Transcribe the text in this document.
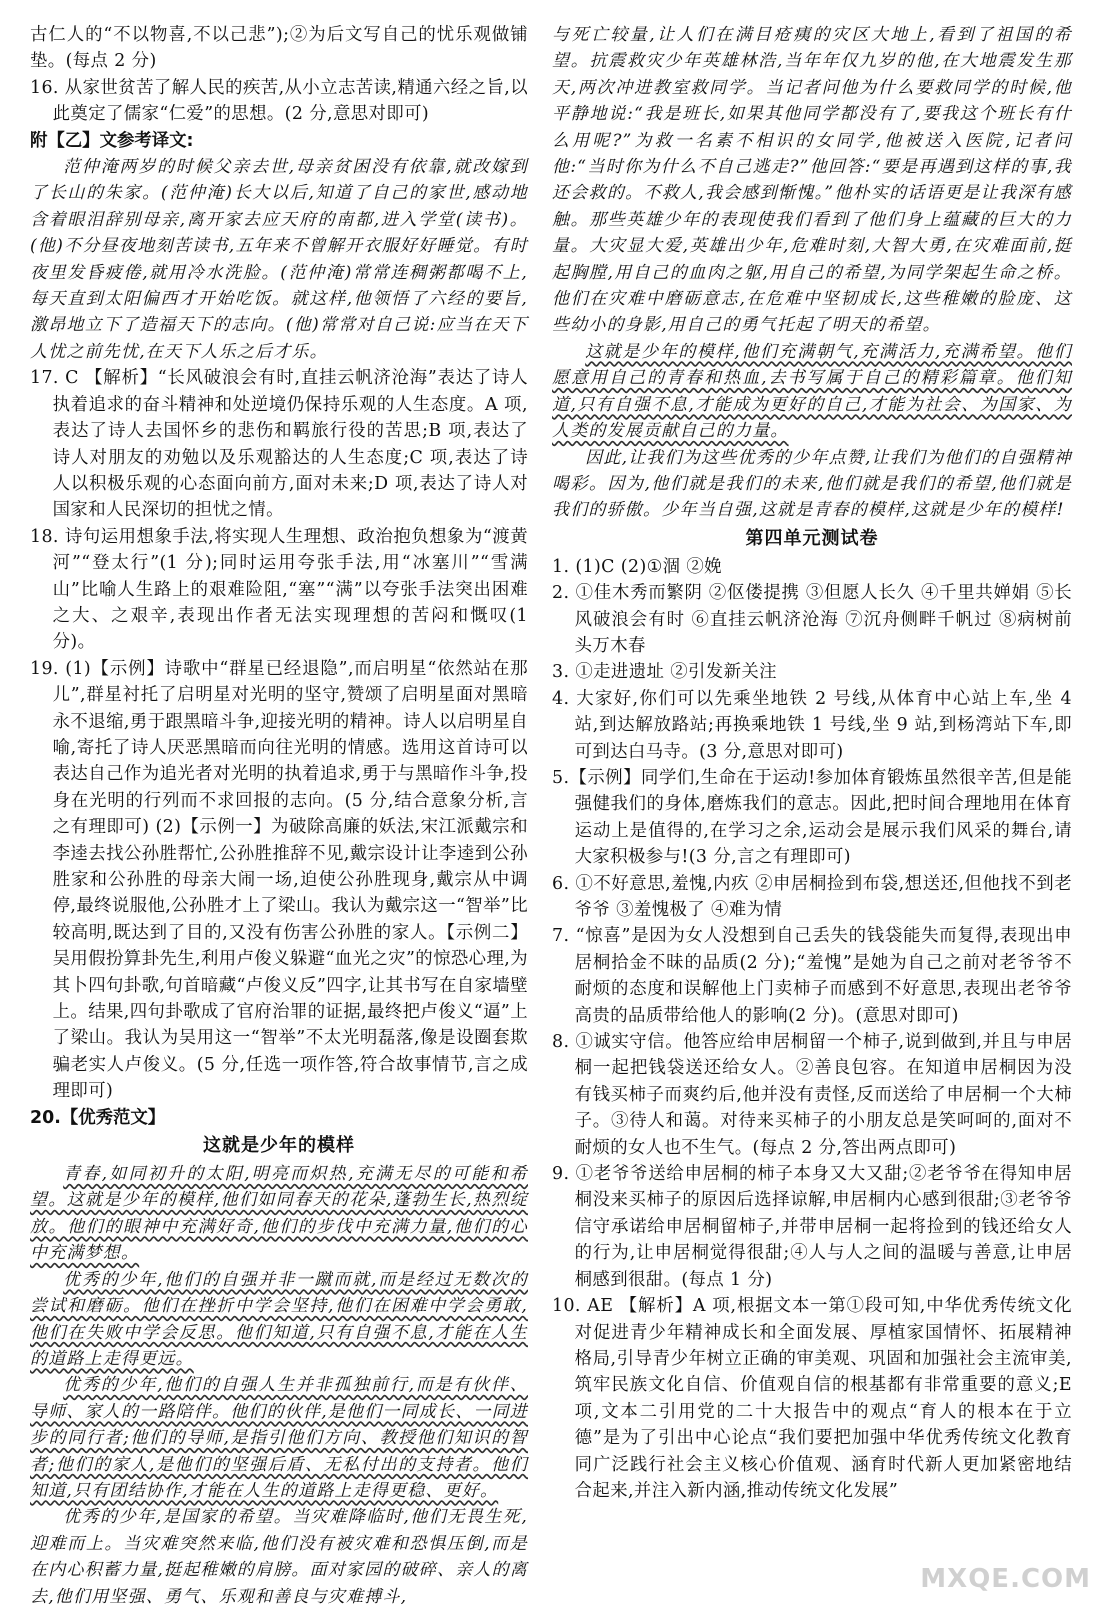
古仁人的“不以物喜,不以己悲”);②为后文写自己的忧乐观做铺垫。(每点 2 分)
16. 从家世贫苦了解人民的疾苦,从小立志苦读,精通六经之旨,以此奠定了儒家“仁爱”的思想。(2 分,意思对即可)
附【乙】文参考译文:
范仲淹两岁的时候父亲去世,母亲贫困没有依靠,就改嫁到了长山的朱家。(范仲淹)长大以后,知道了自己的家世,感动地含着眼泪辞别母亲,离开家去应天府的南都,进入学堂(读书)。(他)不分昼夜地刻苦读书,五年来不曾解开衣服好好睡觉。有时夜里发昏疲倦,就用冷水洗脸。(范仲淹)常常连稠粥都喝不上,每天直到太阳偏西才开始吃饭。就这样,他领悟了六经的要旨,激昂地立下了造福天下的志向。(他)常常对自己说:应当在天下人忧之前先忧,在天下人乐之后才乐。
17. C 【解析】“长风破浪会有时,直挂云帆济沧海”表达了诗人执着追求的奋斗精神和处逆境仍保持乐观的人生态度。A 项,表达了诗人去国怀乡的悲伤和羁旅行役的苦思;B 项,表达了诗人对朋友的劝勉以及乐观豁达的人生态度;C 项,表达了诗人以积极乐观的心态面向前方,面对未来;D 项,表达了诗人对国家和人民深切的担忧之情。
18. 诗句运用想象手法,将实现人生理想、政治抱负想象为“渡黄河”“登太行”(1 分);同时运用夸张手法,用“冰塞川”“雪满山”比喻人生路上的艰难险阻,“塞”“满”以夸张手法突出困难之大、之艰辛,表现出作者无法实现理想的苦闷和慨叹(1 分)。
19. (1)【示例】诗歌中“群星已经退隐”,而启明星“依然站在那儿”,群星衬托了启明星对光明的坚守,赞颂了启明星面对黑暗永不退缩,勇于跟黑暗斗争,迎接光明的精神。诗人以启明星自喻,寄托了诗人厌恶黑暗而向往光明的情感。选用这首诗可以表达自己作为追光者对光明的执着追求,勇于与黑暗作斗争,投身在光明的行列而不求回报的志向。(5 分,结合意象分析,言之有理即可) (2)【示例一】为破除高廉的妖法,宋江派戴宗和李逵去找公孙胜帮忙,公孙胜推辞不见,戴宗设计让李逵到公孙胜家和公孙胜的母亲大闹一场,迫使公孙胜现身,戴宗从中调停,最终说服他,公孙胜才上了梁山。我认为戴宗这一“智举”比较高明,既达到了目的,又没有伤害公孙胜的家人。【示例二】吴用假扮算卦先生,利用卢俊义躲避“血光之灾”的惊恐心理,为其卜四句卦歌,句首暗藏“卢俊义反”四字,让其书写在自家墙壁上。结果,四句卦歌成了官府治罪的证据,最终把卢俊义“逼”上了梁山。我认为吴用这一“智举”不太光明磊落,像是设圈套欺骗老实人卢俊义。(5 分,任选一项作答,符合故事情节,言之成理即可)
20.【优秀范文】
这就是少年的模样
青春,如同初升的太阳,明亮而炽热,充满无尽的可能和希望。这就是少年的模样,他们如同春天的花朵,蓬勃生长,热烈绽放。他们的眼神中充满好奇,他们的步伐中充满力量,他们的心中充满梦想。
优秀的少年,他们的自强并非一蹴而就,而是经过无数次的尝试和磨砺。他们在挫折中学会坚持,他们在困难中学会勇敢,他们在失败中学会反思。他们知道,只有自强不息,才能在人生的道路上走得更远。
优秀的少年,他们的自强人生并非孤独前行,而是有伙伴、导师、家人的一路陪伴。他们的伙伴,是他们一同成长、一同进步的同行者;他们的导师,是指引他们方向、教授他们知识的智者;他们的家人,是他们的坚强后盾、无私付出的支持者。他们知道,只有团结协作,才能在人生的道路上走得更稳、更好。
优秀的少年,是国家的希望。当灾难降临时,他们无畏生死,迎难而上。当灾难突然来临,他们没有被灾难和恐惧压倒,而是在内心积蓄力量,挺起稚嫩的肩膀。面对家园的破碎、亲人的离去,他们用坚强、勇气、乐观和善良与灾难搏斗,
与死亡较量,让人们在满目疮痍的灾区大地上,看到了祖国的希望。抗震救灾少年英雄林浩,当年年仅九岁的他,在大地震发生那天,两次冲进教室救同学。当记者问他为什么要救同学的时候,他平静地说:“我是班长,如果其他同学都没有了,要我这个班长有什么用呢?”为救一名素不相识的女同学,他被送入医院,记者问他:“当时你为什么不自己逃走?”他回答:“要是再遇到这样的事,我还会救的。不救人,我会感到惭愧。”他朴实的话语更是让我深有感触。那些英雄少年的表现使我们看到了他们身上蕴藏的巨大的力量。大灾显大爱,英雄出少年,危难时刻,大智大勇,在灾难面前,挺起胸膛,用自己的血肉之躯,用自己的希望,为同学架起生命之桥。他们在灾难中磨砺意志,在危难中坚韧成长,这些稚嫩的脸庞、这些幼小的身影,用自己的勇气托起了明天的希望。
这就是少年的模样,他们充满朝气,充满活力,充满希望。他们愿意用自己的青春和热血,去书写属于自己的精彩篇章。他们知道,只有自强不息,才能成为更好的自己,才能为社会、为国家、为人类的发展贡献自己的力量。
因此,让我们为这些优秀的少年点赞,让我们为他们的自强精神喝彩。因为,他们就是我们的未来,他们就是我们的希望,他们就是我们的骄傲。少年当自强,这就是青春的模样,这就是少年的模样!
第四单元测试卷
1. (1)C (2)①涸 ②娩
2. ①佳木秀而繁阴 ②伛偻提携 ③但愿人长久 ④千里共婵娟 ⑤长风破浪会有时 ⑥直挂云帆济沧海 ⑦沉舟侧畔千帆过 ⑧病树前头万木春
3. ①走进遗址 ②引发新关注
4. 大家好,你们可以先乘坐地铁 2 号线,从体育中心站上车,坐 4 站,到达解放路站;再换乘地铁 1 号线,坐 9 站,到杨湾站下车,即可到达白马寺。(3 分,意思对即可)
5.【示例】同学们,生命在于运动!参加体育锻炼虽然很辛苦,但是能强健我们的身体,磨炼我们的意志。因此,把时间合理地用在体育运动上是值得的,在学习之余,运动会是展示我们风采的舞台,请大家积极参与!(3 分,言之有理即可)
6. ①不好意思,羞愧,内疚 ②申居桐捡到布袋,想送还,但他找不到老爷爷 ③羞愧极了 ④难为情
7. “惊喜”是因为女人没想到自己丢失的钱袋能失而复得,表现出申居桐拾金不昧的品质(2 分);“羞愧”是她为自己之前对老爷爷不耐烦的态度和误解他上门卖柿子而感到不好意思,表现出老爷爷高贵的品质带给他人的影响(2 分)。(意思对即可)
8. ①诚实守信。他答应给申居桐留一个柿子,说到做到,并且与申居桐一起把钱袋送还给女人。②善良包容。在知道申居桐因为没有钱买柿子而爽约后,他并没有责怪,反而送给了申居桐一个大柿子。③待人和蔼。对待来买柿子的小朋友总是笑呵呵的,面对不耐烦的女人也不生气。(每点 2 分,答出两点即可)
9. ①老爷爷送给申居桐的柿子本身又大又甜;②老爷爷在得知申居桐没来买柿子的原因后选择谅解,申居桐内心感到很甜;③老爷爷信守承诺给申居桐留柿子,并带申居桐一起将捡到的钱还给女人的行为,让申居桐觉得很甜;④人与人之间的温暖与善意,让申居桐感到很甜。(每点 1 分)
10. AE 【解析】A 项,根据文本一第①段可知,中华优秀传统文化对促进青少年精神成长和全面发展、厚植家国情怀、拓展精神格局,引导青少年树立正确的审美观、巩固和加强社会主流审美,筑牢民族文化自信、价值观自信的根基都有非常重要的意义;E 项,文本二引用党的二十大报告中的观点“育人的根本在于立德”是为了引出中心论点“我们要把加强中华优秀传统文化教育同广泛践行社会主义核心价值观、涵育时代新人更加紧密地结合起来,并注入新内涵,推动传统文化发展”
MXQE.COM
